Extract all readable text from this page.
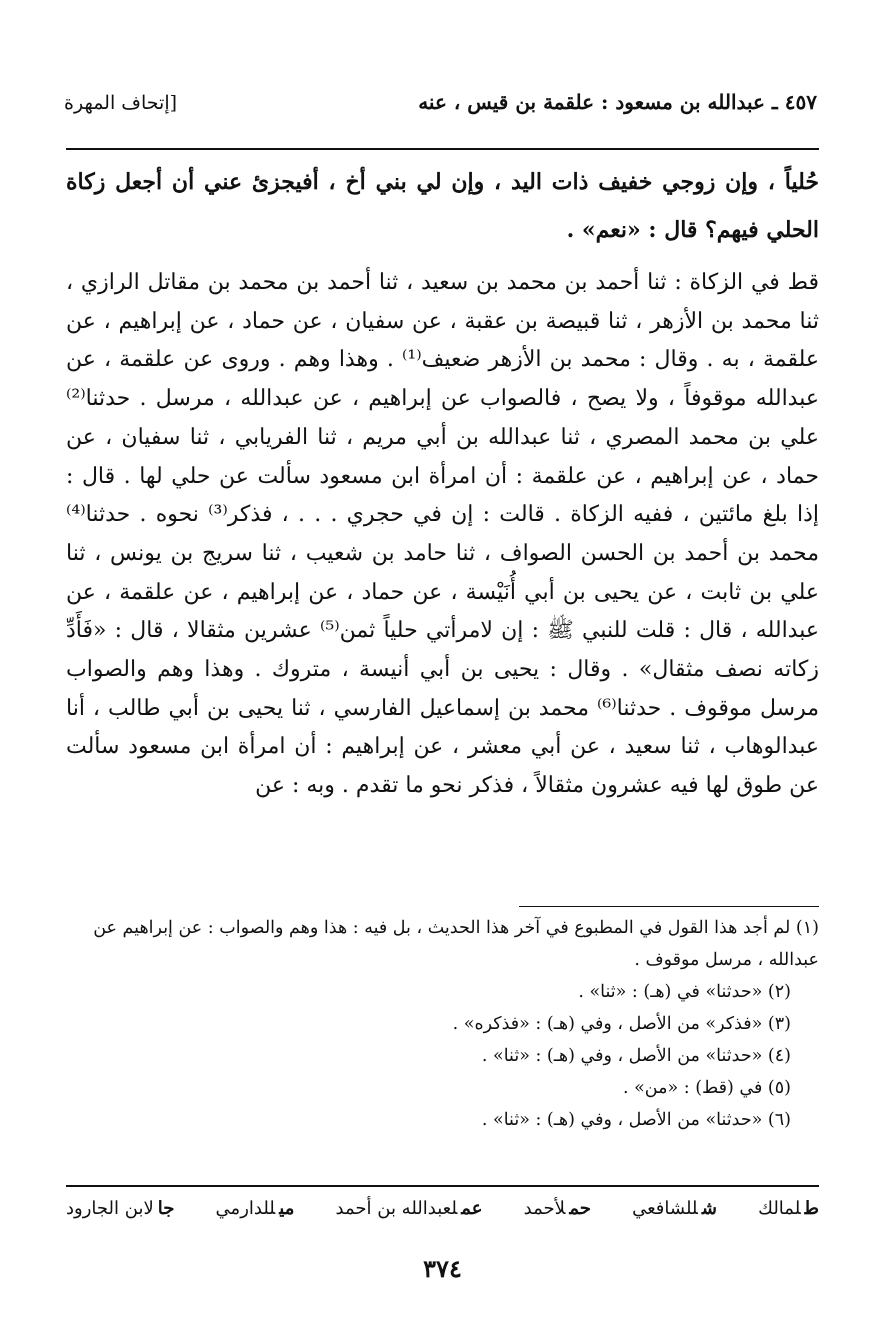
٤٥٧ ـ عبدالله بن مسعود : علقمة بن قيس ، عنه
[إتحاف المهرة

حُلياً ، وإن زوجي خفيف ذات اليد ، وإن لي بني أخ ، أفيجزئ عني أن أجعل زكاة الحلي فيهم؟ قال : «نعم» .

قط في الزكاة : ثنا أحمد بن محمد بن سعيد ، ثنا أحمد بن محمد بن مقاتل الرازي ، ثنا محمد بن الأزهر ، ثنا قبيصة بن عقبة ، عن سفيان ، عن حماد ، عن إبراهيم ، عن علقمة ، به . وقال : محمد بن الأزهر ضعيف⁽¹⁾ . وهذا وهم . وروى عن علقمة ، عن عبدالله موقوفاً ، ولا يصح ، فالصواب عن إبراهيم ، عن عبدالله ، مرسل . حدثنا⁽²⁾ علي بن محمد المصري ، ثنا عبدالله بن أبي مريم ، ثنا الفريابي ، ثنا سفيان ، عن حماد ، عن إبراهيم ، عن علقمة : أن امرأة ابن مسعود سألت عن حلي لها . قال : إذا بلغ مائتين ، ففيه الزكاة . قالت : إن في حجري . . . ، فذكر⁽³⁾ نحوه . حدثنا⁽⁴⁾ محمد بن أحمد بن الحسن الصواف ، ثنا حامد بن شعيب ، ثنا سريج بن يونس ، ثنا علي بن ثابت ، عن يحيى بن أبي أُنَيْسة ، عن حماد ، عن إبراهيم ، عن علقمة ، عن عبدالله ، قال : قلت للنبي ﷺ : إن لامرأتي حلياً ثمن⁽⁵⁾ عشرين مثقالا ، قال : «فَأَدِّ زكاته نصف مثقال» . وقال : يحيى بن أبي أنيسة ، متروك . وهذا وهم والصواب مرسل موقوف . حدثنا⁽⁶⁾ محمد بن إسماعيل الفارسي ، ثنا يحيى بن أبي طالب ، أنا عبدالوهاب ، ثنا سعيد ، عن أبي معشر ، عن إبراهيم : أن امرأة ابن مسعود سألت عن طوق لها فيه عشرون مثقالاً ، فذكر نحو ما تقدم . وبه : عن

(١) لم أجد هذا القول في المطبوع في آخر هذا الحديث ، بل فيه : هذا وهم والصواب : عن إبراهيم عن عبدالله ، مرسل موقوف .

(٢) «حدثنا» في (هـ) : «ثنا» .

(٣) «فذكر» من الأصل ، وفي (هـ) : «فذكره» .

(٤) «حدثنا» من الأصل ، وفي (هـ) : «ثنا» .

(٥) في (قط) : «من» .

(٦) «حدثنا» من الأصل ، وفي (هـ) : «ثنا» .

طلمالك
شللشافعي
حملأحمد
عملعبدالله بن أحمد
ميللدارمي
جالابن الجارود
٣٧٤
